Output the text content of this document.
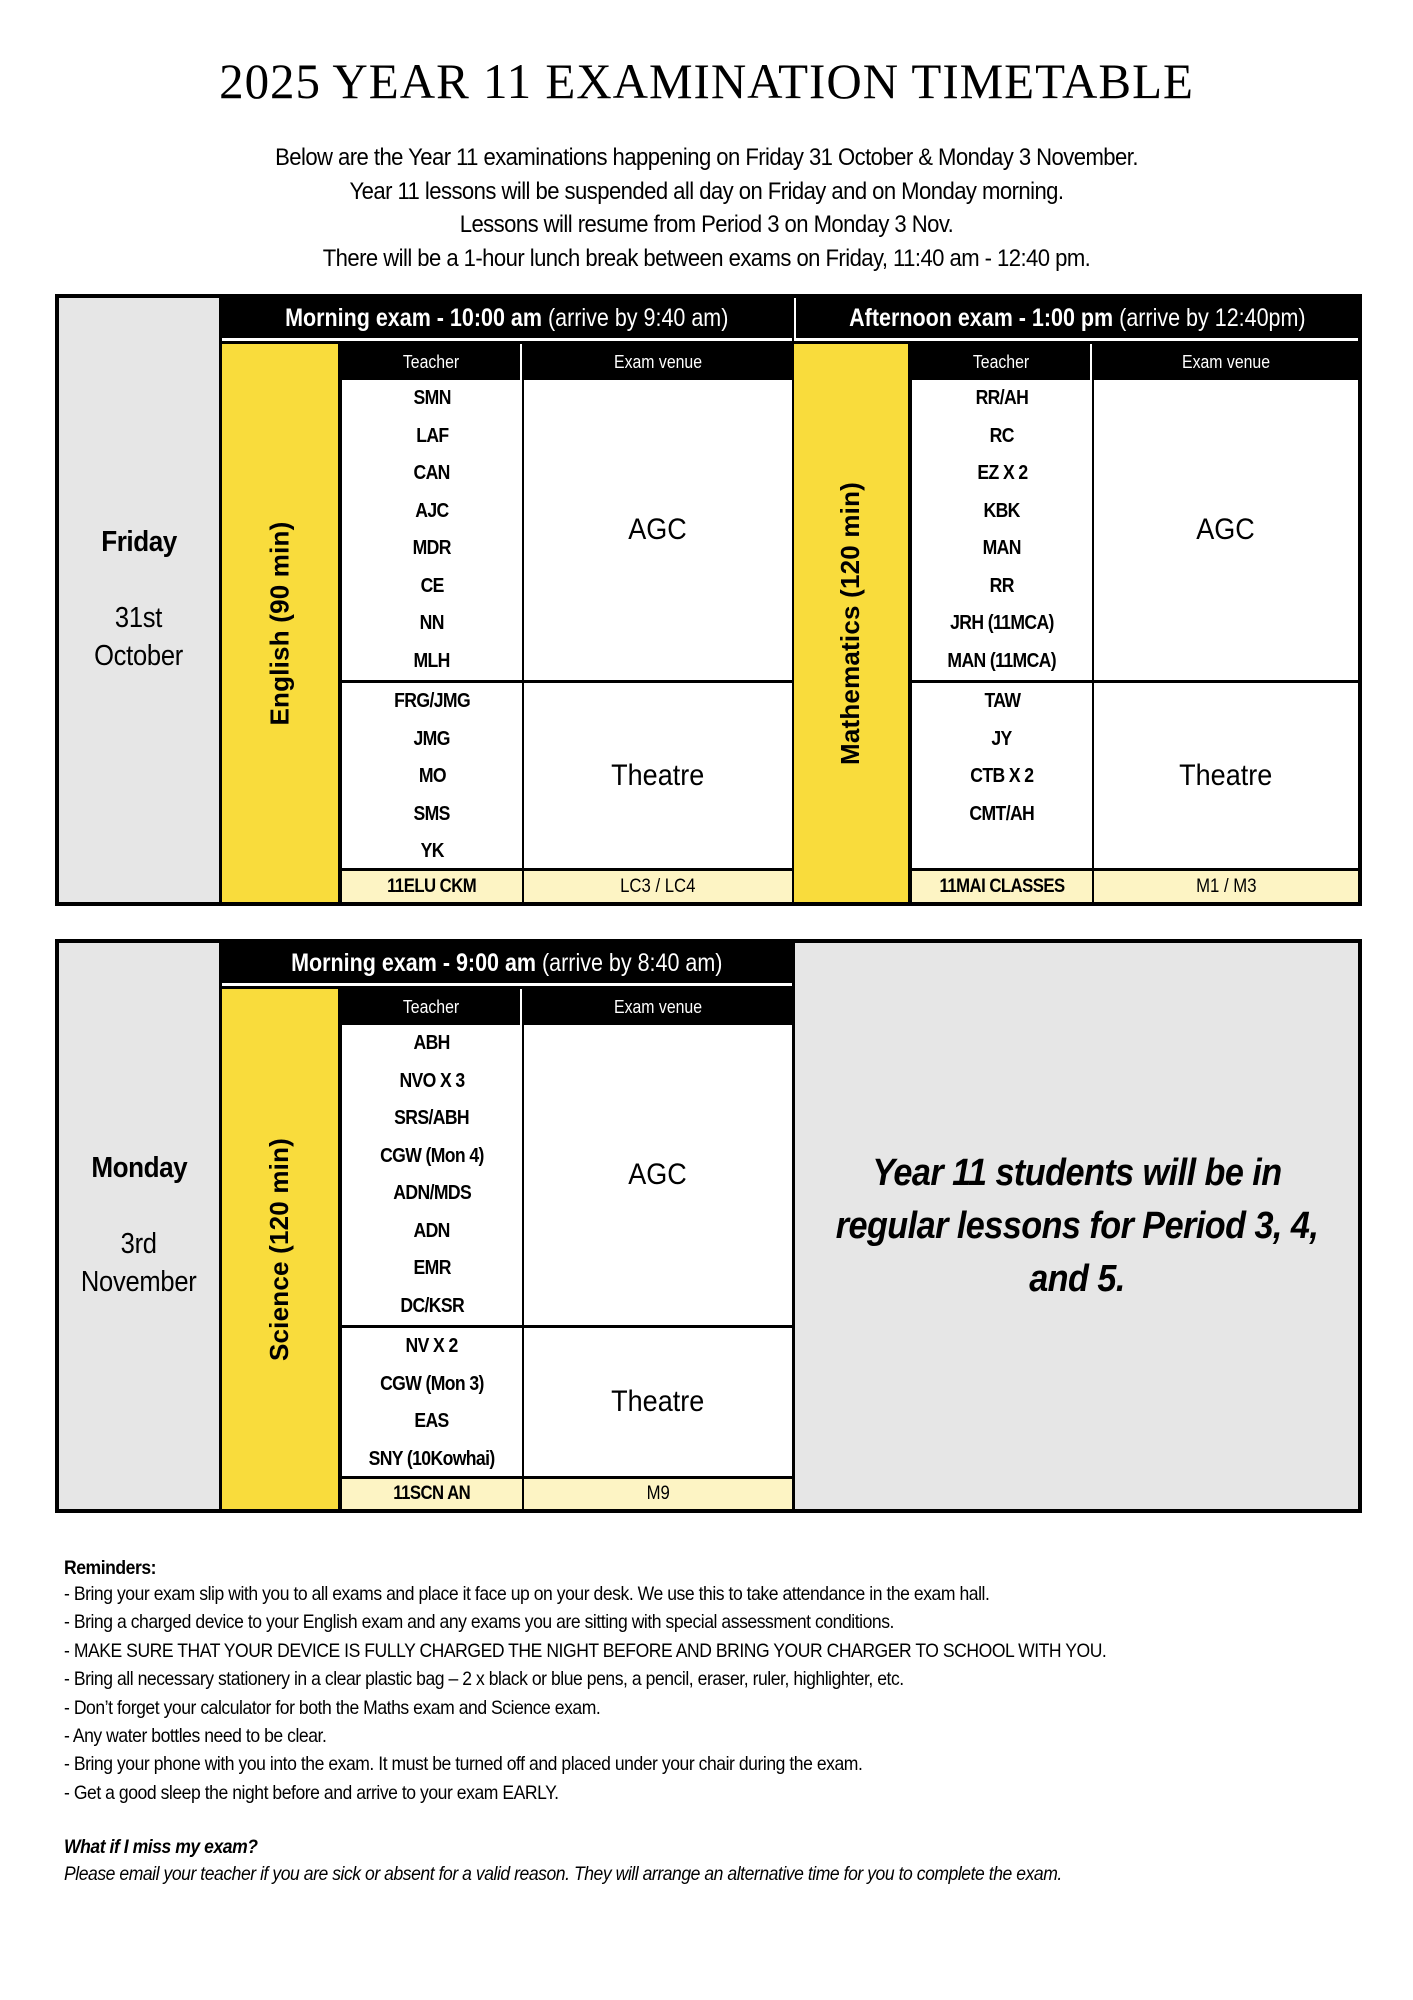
2025 YEAR 11 EXAMINATION TIMETABLE
Below are the Year 11 examinations happening on Friday 31 October & Monday 3 November.
Year 11 lessons will be suspended all day on Friday and on Monday morning.
Lessons will resume from Period 3 on Monday 3 Nov.
There will be a 1-hour lunch break between exams on Friday, 11:40 am - 12:40 pm.
Friday
31st
October
Morning exam - 10:00 am (arrive by 9:40 am)
English (90 min)
Teacher	Exam venue
SMN
LAF
CAN
AJC
MDR
CE
NN
MLH
AGC
FRG/JMG
JMG
MO
SMS
YK
Theatre
11ELU CKM	LC3 / LC4
Afternoon exam - 1:00 pm (arrive by 12:40pm)
Mathematics (120 min)
Teacher	Exam venue
RR/AH
RC
EZ X 2
KBK
MAN
RR
JRH (11MCA)
MAN (11MCA)
AGC
TAW
JY
CTB X 2
CMT/AH
Theatre
11MAI CLASSES	M1 / M3
Monday
3rd
November
Morning exam - 9:00 am (arrive by 8:40 am)
Science (120 min)
Teacher	Exam venue
ABH
NVO X 3
SRS/ABH
CGW (Mon 4)
ADN/MDS
ADN
EMR
DC/KSR
AGC
NV X 2
CGW (Mon 3)
EAS
SNY (10Kowhai)
Theatre
11SCN AN	M9
Year 11 students will be in regular lessons for Period 3, 4, and 5.
Reminders:
- Bring your exam slip with you to all exams and place it face up on your desk. We use this to take attendance in the exam hall.
- Bring a charged device to your English exam and any exams you are sitting with special assessment conditions.
- MAKE SURE THAT YOUR DEVICE IS FULLY CHARGED THE NIGHT BEFORE AND BRING YOUR CHARGER TO SCHOOL WITH YOU.
- Bring all necessary stationery in a clear plastic bag – 2 x black or blue pens, a pencil, eraser, ruler, highlighter, etc.
- Don’t forget your calculator for both the Maths exam and Science exam.
- Any water bottles need to be clear.
- Bring your phone with you into the exam. It must be turned off and placed under your chair during the exam.
- Get a good sleep the night before and arrive to your exam EARLY.
What if I miss my exam?
Please email your teacher if you are sick or absent for a valid reason. They will arrange an alternative time for you to complete the exam.
